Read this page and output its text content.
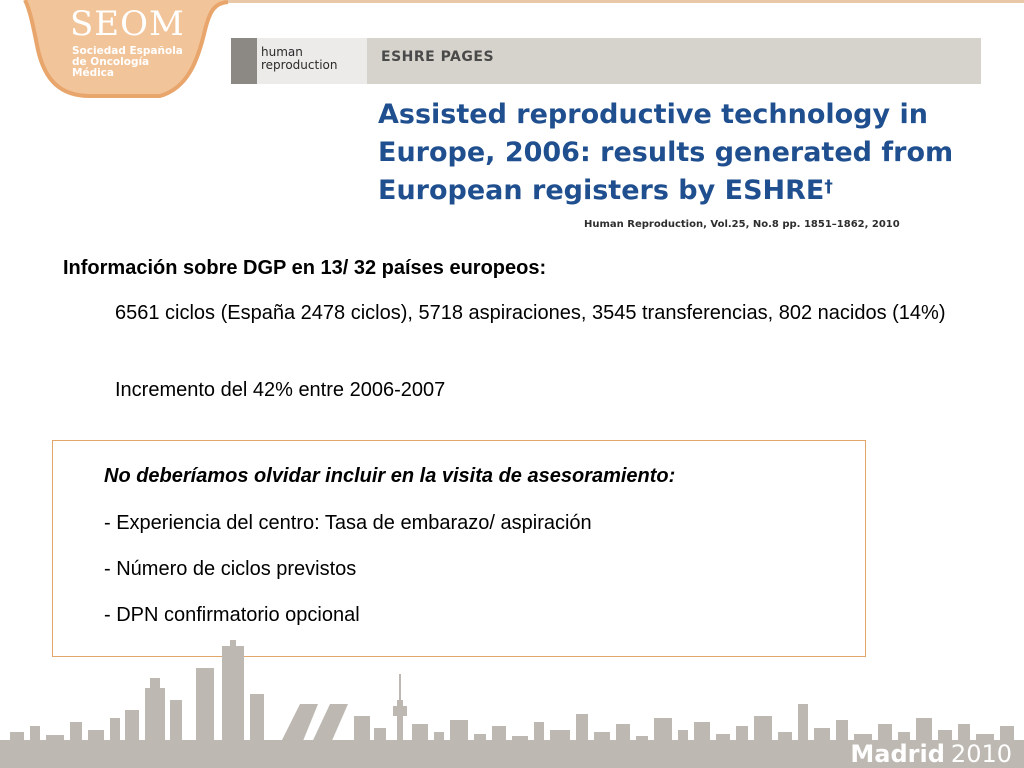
SEOM
Sociedad Española de Oncología Médica
human
reproduction	ESHRE PAGES
Assisted reproductive technology in Europe, 2006: results generated from European registers by ESHRE†
Human Reproduction, Vol.25, No.8 pp. 1851–1862, 2010
Información sobre DGP en 13/ 32 países europeos:
6561 ciclos (España 2478 ciclos), 5718 aspiraciones, 3545 transferencias, 802 nacidos (14%)
Incremento del 42% entre 2006-2007
No deberíamos olvidar incluir en la visita de asesoramiento:
- Experiencia del centro: Tasa de embarazo/ aspiración
- Número de ciclos previstos
- DPN confirmatorio opcional
Madrid 2010
